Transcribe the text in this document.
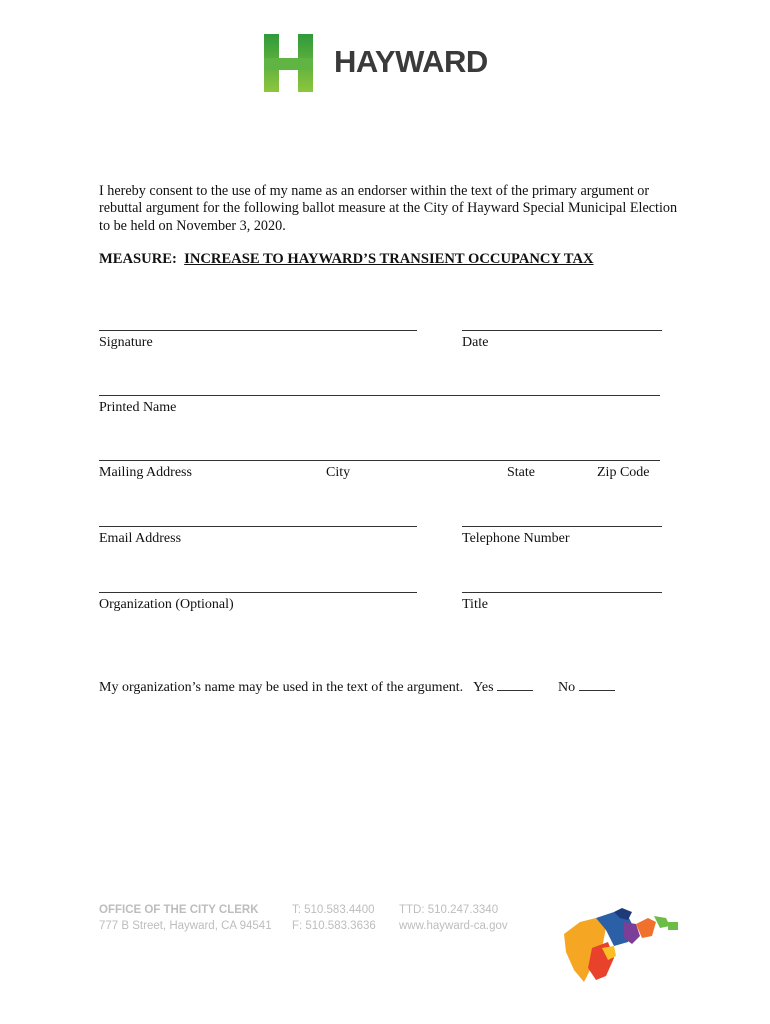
HAYWARD
I hereby consent to the use of my name as an endorser within the text of the primary argument or rebuttal argument for the following ballot measure at the City of Hayward Special Municipal Election to be held on November 3, 2020.
MEASURE: INCREASE TO HAYWARD’S TRANSIENT OCCUPANCY TAX
Signature	Date
Printed Name
Mailing Address	City	State	Zip Code
Email Address	Telephone Number
Organization (Optional)	Title
My organization’s name may be used in the text of the argument. Yes	No
OFFICE OF THE CITY CLERK
777 B Street, Hayward, CA 94541
T: 510.583.4400
F: 510.583.3636
TTD: 510.247.3340
www.hayward-ca.gov
